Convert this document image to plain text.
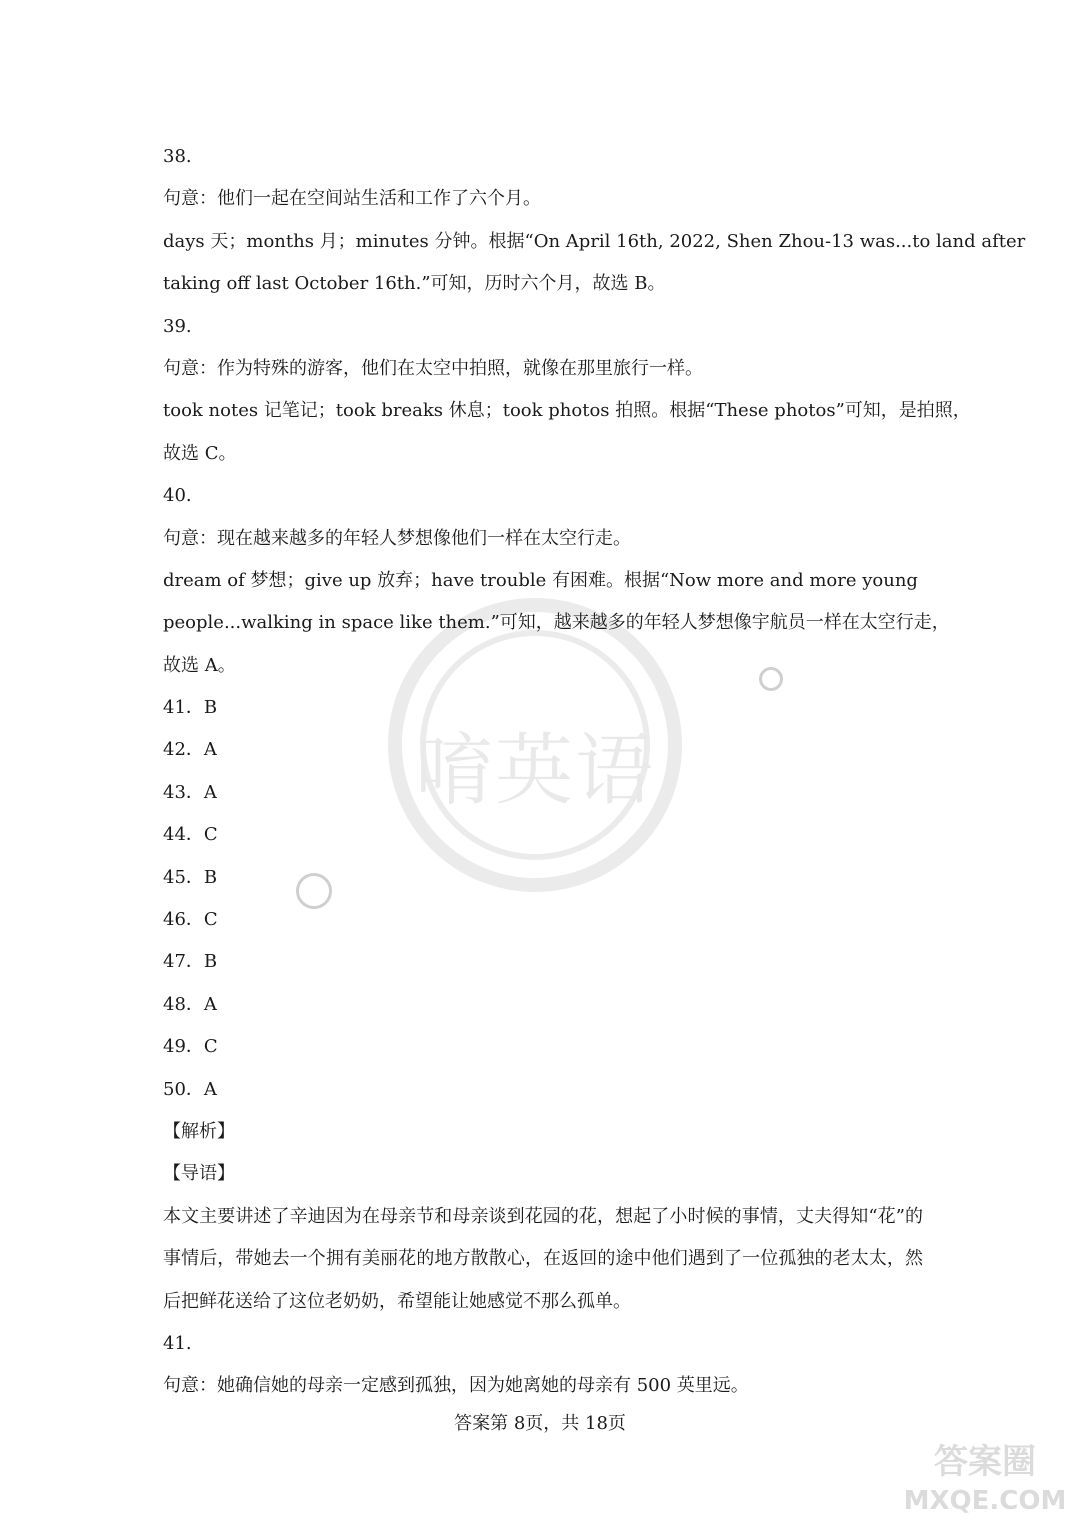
唷英语
38.
句意：他们一起在空间站生活和工作了六个月。
days 天；months 月；minutes 分钟。根据“On April 16th, 2022, Shen Zhou-13 was...to land after
taking off last October 16th.”可知，历时六个月，故选 B。
39.
句意：作为特殊的游客，他们在太空中拍照，就像在那里旅行一样。
took notes 记笔记；took breaks 休息；took photos 拍照。根据“These photos”可知，是拍照，
故选 C。
40.
句意：现在越来越多的年轻人梦想像他们一样在太空行走。
dream of 梦想；give up 放弃；have trouble 有困难。根据“Now more and more young
people...walking in space like them.”可知，越来越多的年轻人梦想像宇航员一样在太空行走，
故选 A。
41．B
42．A
43．A
44．C
45．B
46．C
47．B
48．A
49．C
50．A
【解析】
【导语】
本文主要讲述了辛迪因为在母亲节和母亲谈到花园的花，想起了小时候的事情，丈夫得知“花”的事情后，带她去一个拥有美丽花的地方散散心，在返回的途中他们遇到了一位孤独的老太太，然后把鲜花送给了这位老奶奶，希望能让她感觉不那么孤单。
41.
句意：她确信她的母亲一定感到孤独，因为她离她的母亲有 500 英里远。
答案第 8页，共 18页
答案圈
MXQE.COM
